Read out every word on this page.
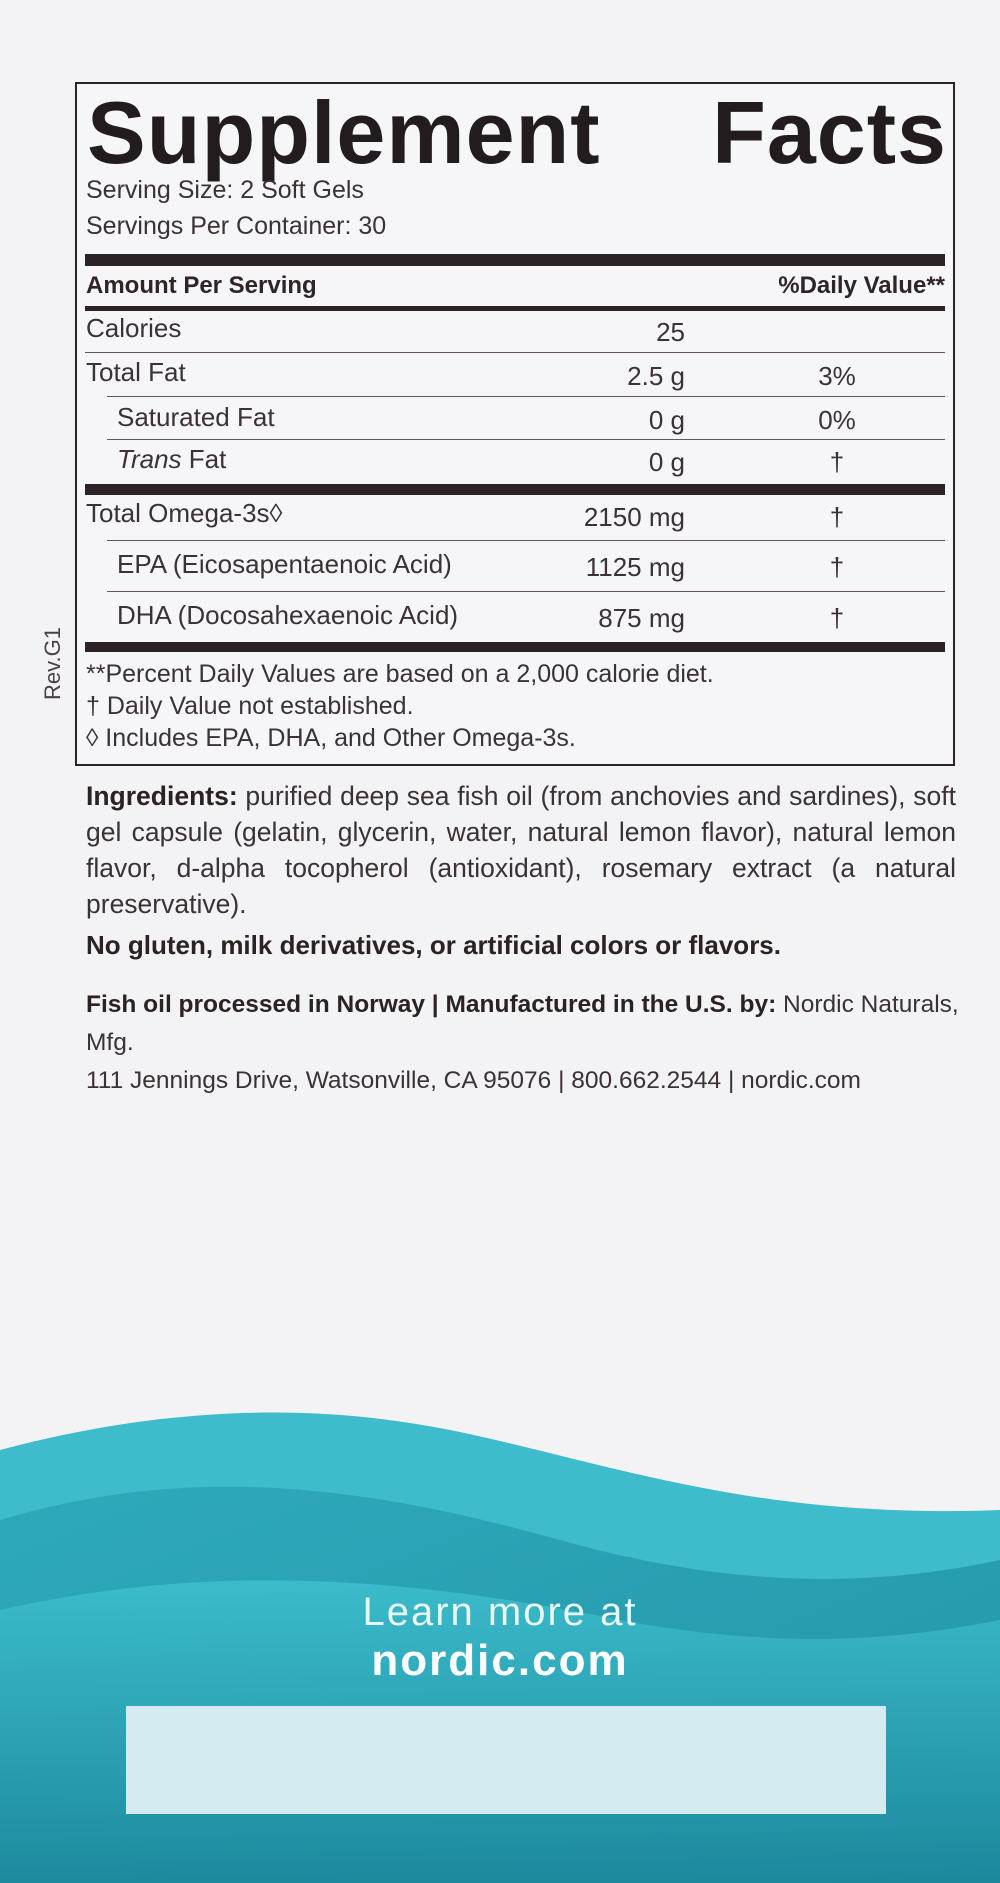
Supplement Facts
Serving Size: 2 Soft Gels
Servings Per Container: 30
Amount Per Serving	%Daily Value**
Calories	25
Total Fat	2.5 g	3%
Saturated Fat	0 g	0%
Trans Fat	0 g	†
Total Omega-3s◊	2150 mg	†
EPA (Eicosapentaenoic Acid)	1125 mg	†
DHA (Docosahexaenoic Acid)	875 mg	†
**Percent Daily Values are based on a 2,000 calorie diet.
† Daily Value not established.
◊ Includes EPA, DHA, and Other Omega-3s.
Rev.G1
Ingredients: purified deep sea fish oil (from anchovies and sardines), soft gel capsule (gelatin, glycerin, water, natural lemon flavor), natural lemon flavor, d-alpha tocopherol (antioxidant), rosemary extract (a natural preservative).
No gluten, milk derivatives, or artificial colors or flavors.
Fish oil processed in Norway | Manufactured in the U.S. by: Nordic Naturals, Mfg.
111 Jennings Drive, Watsonville, CA 95076 | 800.662.2544 | nordic.com
Learn more at
nordic.com
